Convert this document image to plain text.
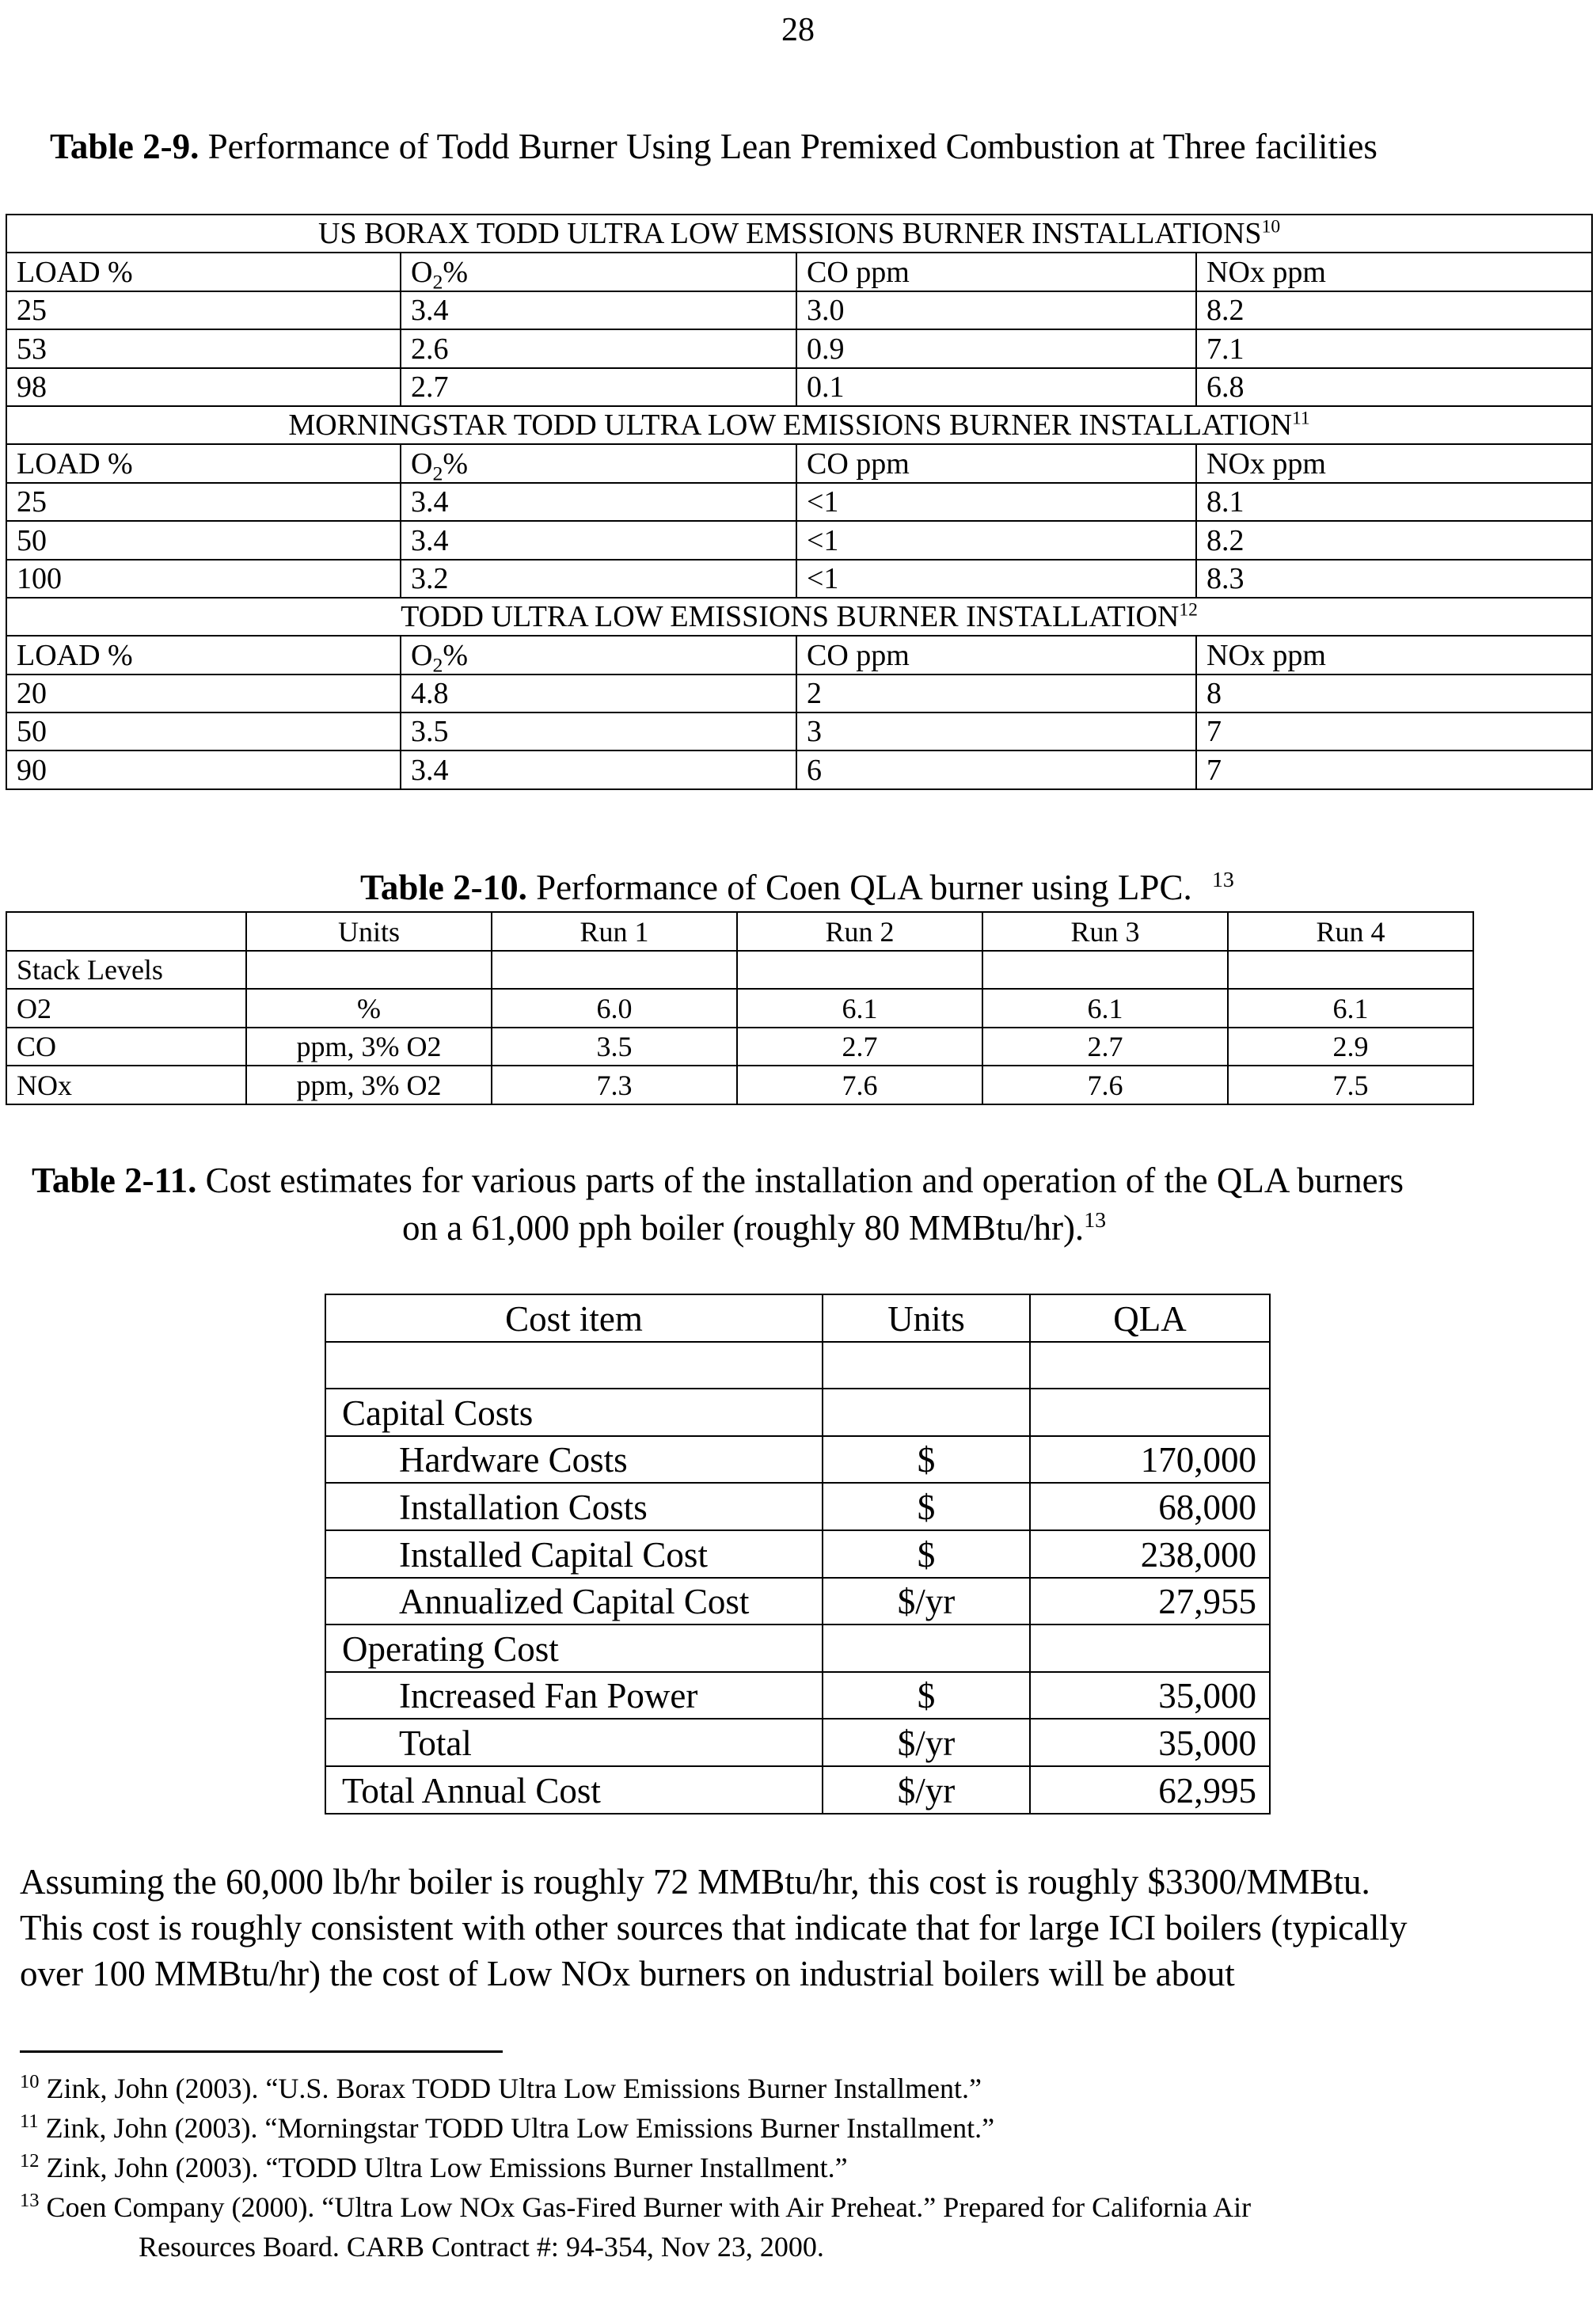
28
Table 2-9. Performance of Todd Burner Using Lean Premixed Combustion at Three facilities
US BORAX TODD ULTRA LOW EMSSIONS BURNER INSTALLATIONS$^{10}$
LOAD %	$O_2\%$	CO ppm	NOx ppm
25	3.4	3.0	8.2
53	2.6	0.9	7.1
98	2.7	0.1	6.8
MORNINGSTAR TODD ULTRA LOW EMISSIONS BURNER INSTALLATION$^{11}$
LOAD %	$O_2\%$	CO ppm	NOx ppm
25	3.4	<1	8.1
50	3.4	<1	8.2
100	3.2	<1	8.3
TODD ULTRA LOW EMISSIONS BURNER INSTALLATION$^{12}$
LOAD %	$O_2\%$	CO ppm	NOx ppm
20	4.8	2	8
50	3.5	3	7
90	3.4	6	7
Table 2-10. Performance of Coen QLA burner using LPC. $^{13}$
	Units	Run 1	Run 2	Run 3	Run 4
Stack Levels					
O2	%	6.0	6.1	6.1	6.1
CO	ppm, 3% O2	3.5	2.7	2.7	2.9
NOx	ppm, 3% O2	7.3	7.6	7.6	7.5
Table 2-11. Cost estimates for various parts of the installation and operation of the QLA burners
on a 61,000 pph boiler (roughly 80 MMBtu/hr).$^{13}$
Cost item	Units	QLA

Capital Costs		
Hardware Costs	$	170,000
Installation Costs	$	68,000
Installed Capital Cost	$	238,000
Annualized Capital Cost	$/yr	27,955
Operating Cost		
Increased Fan Power	$	35,000
Total	$/yr	35,000
Total Annual Cost	$/yr	62,995
Assuming the 60,000 lb/hr boiler is roughly 72 MMBtu/hr, this cost is roughly $3300/MMBtu.
This cost is roughly consistent with other sources that indicate that for large ICI boilers (typically
over 100 MMBtu/hr) the cost of Low NOx burners on industrial boilers will be about
$^{10}$ Zink, John (2003). “U.S. Borax TODD Ultra Low Emissions Burner Installment.”
$^{11}$ Zink, John (2003). “Morningstar TODD Ultra Low Emissions Burner Installment.”
$^{12}$ Zink, John (2003). “TODD Ultra Low Emissions Burner Installment.”
$^{13}$ Coen Company (2000). “Ultra Low NOx Gas-Fired Burner with Air Preheat.” Prepared for California Air
Resources Board. CARB Contract #: 94-354, Nov 23, 2000.
